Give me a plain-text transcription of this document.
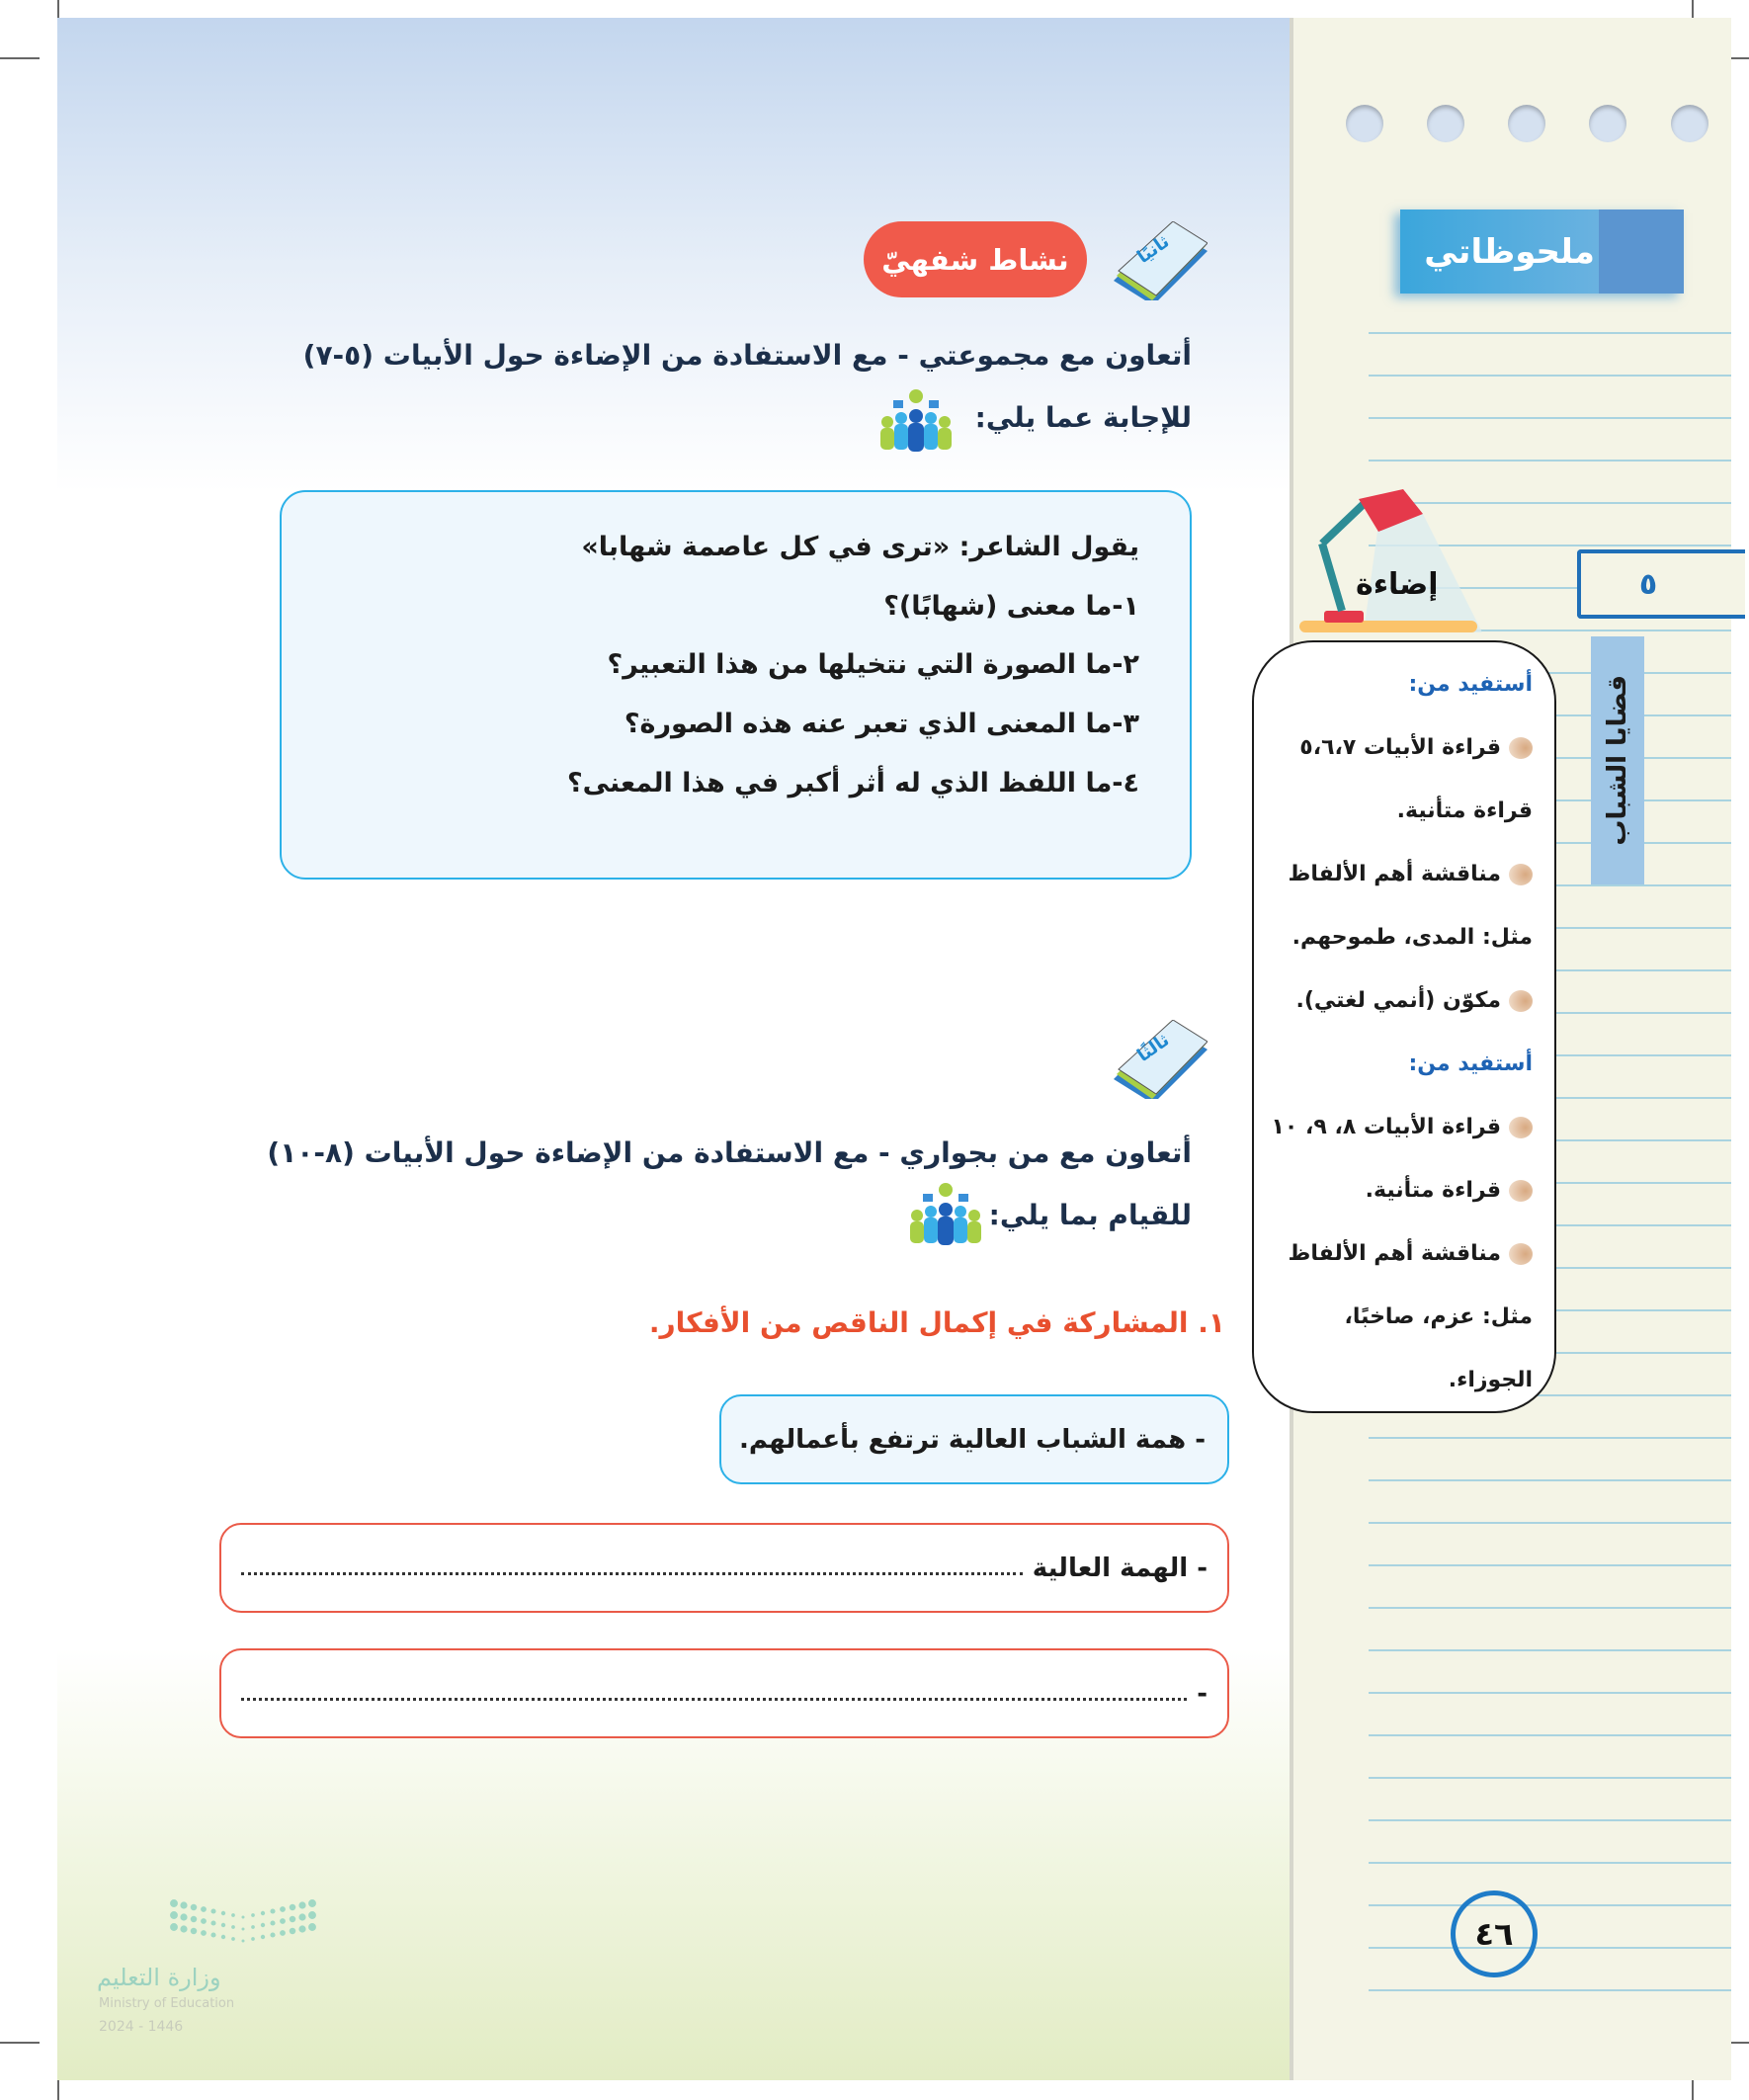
ملحوظاتي
٥
قضايا الشباب
إضاءة
أستفيد من:
قراءة الأبيات ٥،٦،٧
قراءة متأنية.
مناقشة أهم الألفاظ
مثل: المدى، طموحهم.
مكوّن (أنمي لغتي).
أستفيد من:
قراءة الأبيات ٨، ٩، ١٠
قراءة متأنية.
مناقشة أهم الألفاظ
مثل: عزم، صاخبًا،
الجوزاء.
٤٦
ثانيًا
نشاط شفهيّ
أتعاون مع مجموعتي - مع الاستفادة من الإضاءة حول الأبيات (٥-٧)
للإجابة عما يلي:
يقول الشاعر: «ترى في كل عاصمة شهابا»
١-ما معنى (شهابًا)؟
٢-ما الصورة التي نتخيلها من هذا التعبير؟
٣-ما المعنى الذي تعبر عنه هذه الصورة؟
٤-ما اللفظ الذي له أثر أكبر في هذا المعنى؟
ثالثًا
أتعاون مع من بجواري - مع الاستفادة من الإضاءة حول الأبيات (٨-١٠)
للقيام بما يلي:
١. المشاركة في إكمال الناقص من الأفكار.
- همة الشباب العالية ترتفع بأعمالهم.
- الهمة العالية
-
وزارة التعليم
Ministry of Education
2024 - 1446
